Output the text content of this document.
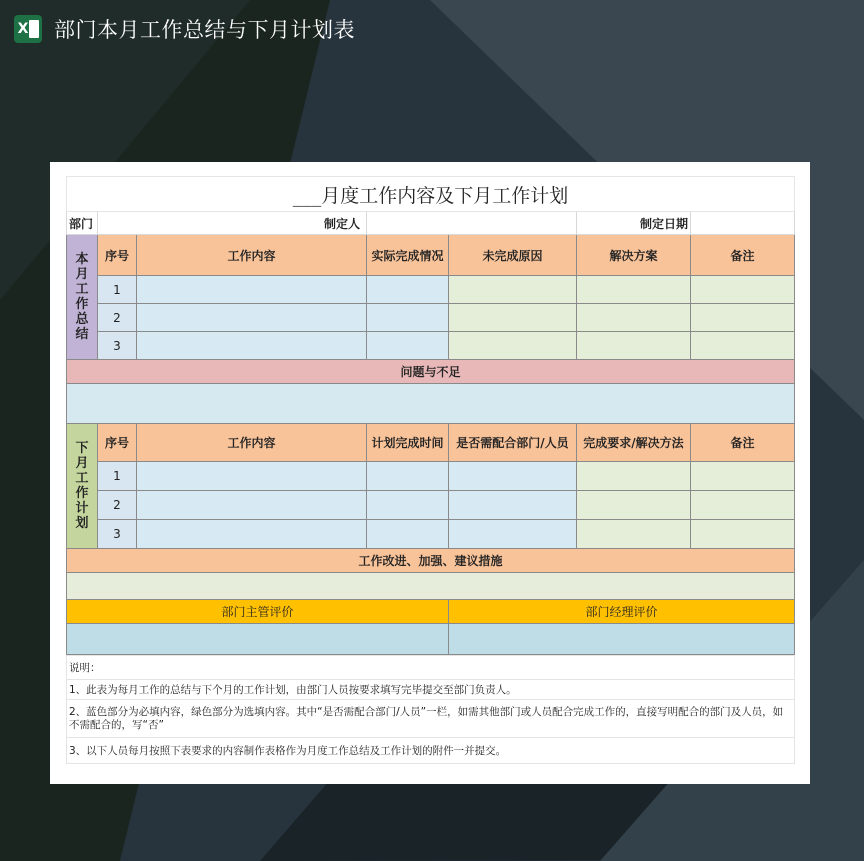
X 部门本月工作总结与下月计划表
___月度工作内容及下月工作计划						
部门	制定人				制定日期	
本月工作总结	序号	工作内容	实际完成情况	未完成原因	解决方案	备注
	1					
	2					
	3					
问题与不足						

下月工作计划	序号	工作内容	计划完成时间	是否需配合部门/人员	完成要求/解决方法	备注
	1					
	2					
	3					
工作改进、加强、建议措施						

部门主管评价				部门经理评价		

说明：
1、此表为每月工作的总结与下个月的工作计划，由部门人员按要求填写完毕提交至部门负责人。
2、蓝色部分为必填内容，绿色部分为选填内容。其中“是否需配合部门/人员”一栏，如需其他部门或人员配合完成工作的，直接写明配合的部门及人员，如不需配合的，写“否”
3、以下人员每月按照下表要求的内容制作表格作为月度工作总结及工作计划的附件一并提交。
